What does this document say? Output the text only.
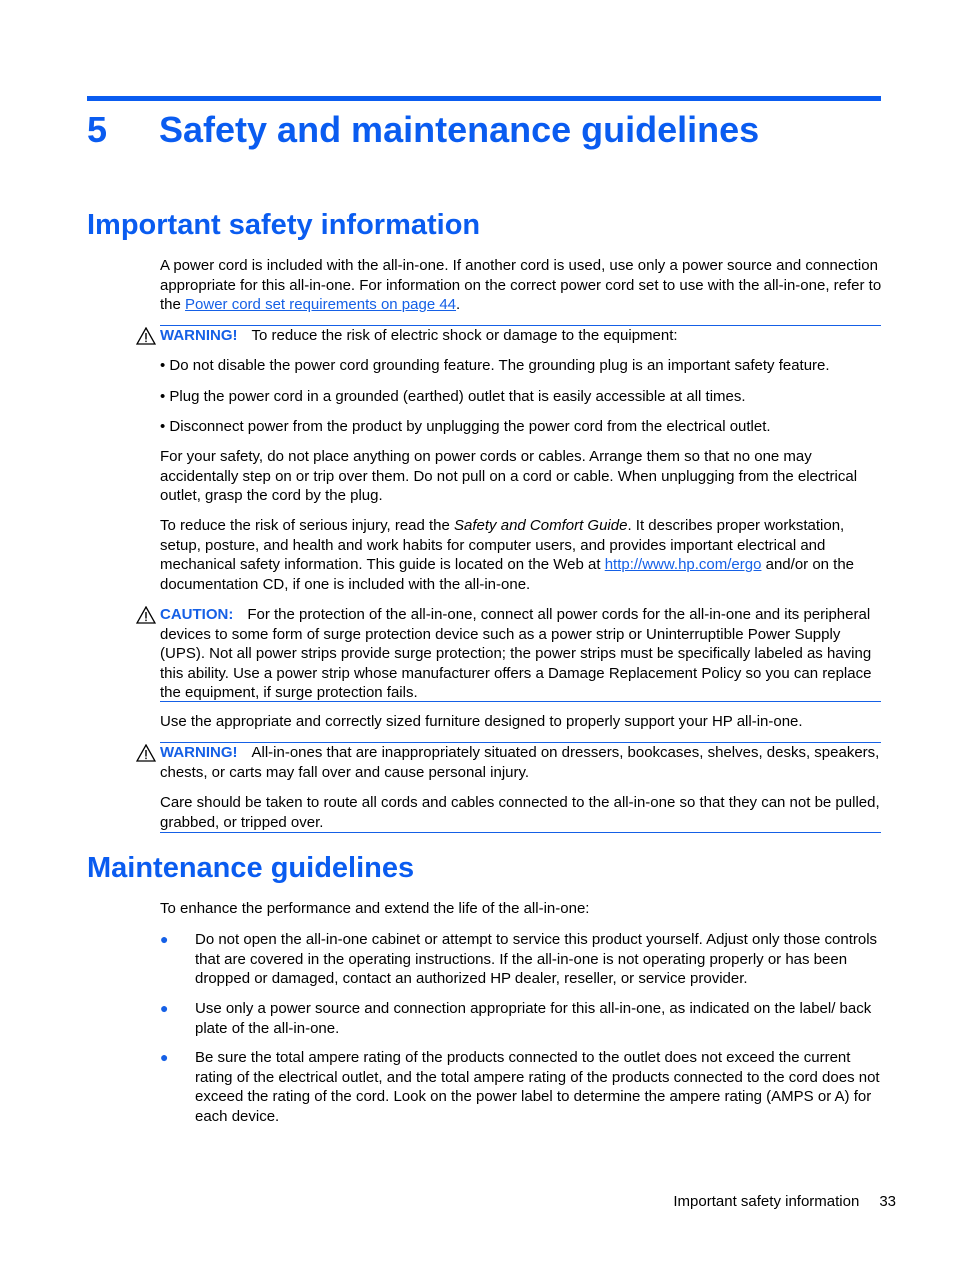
5 Safety and maintenance guidelines
Important safety information

A power cord is included with the all-in-one. If another cord is used, use only a power source and connection appropriate for this all-in-one. For information on the correct power cord set to use with the all-in-one, refer to the Power cord set requirements on page 44.

WARNING! To reduce the risk of electric shock or damage to the equipment:

• Do not disable the power cord grounding feature. The grounding plug is an important safety feature.

• Plug the power cord in a grounded (earthed) outlet that is easily accessible at all times.

• Disconnect power from the product by unplugging the power cord from the electrical outlet.

For your safety, do not place anything on power cords or cables. Arrange them so that no one may accidentally step on or trip over them. Do not pull on a cord or cable. When unplugging from the electrical outlet, grasp the cord by the plug.

To reduce the risk of serious injury, read the Safety and Comfort Guide. It describes proper workstation, setup, posture, and health and work habits for computer users, and provides important electrical and mechanical safety information. This guide is located on the Web at http://www.hp.com/ergo and/or on the documentation CD, if one is included with the all-in-one.

CAUTION: For the protection of the all-in-one, connect all power cords for the all-in-one and its peripheral devices to some form of surge protection device such as a power strip or Uninterruptible Power Supply (UPS). Not all power strips provide surge protection; the power strips must be specifically labeled as having this ability. Use a power strip whose manufacturer offers a Damage Replacement Policy so you can replace the equipment, if surge protection fails.

Use the appropriate and correctly sized furniture designed to properly support your HP all-in-one.

WARNING! All-in-ones that are inappropriately situated on dressers, bookcases, shelves, desks, speakers, chests, or carts may fall over and cause personal injury.

Care should be taken to route all cords and cables connected to the all-in-one so that they can not be pulled, grabbed, or tripped over.

Maintenance guidelines

To enhance the performance and extend the life of the all-in-one:

● Do not open the all-in-one cabinet or attempt to service this product yourself. Adjust only those controls that are covered in the operating instructions. If the all-in-one is not operating properly or has been dropped or damaged, contact an authorized HP dealer, reseller, or service provider.

● Use only a power source and connection appropriate for this all-in-one, as indicated on the label/ back plate of the all-in-one.

● Be sure the total ampere rating of the products connected to the outlet does not exceed the current rating of the electrical outlet, and the total ampere rating of the products connected to the cord does not exceed the rating of the cord. Look on the power label to determine the ampere rating (AMPS or A) for each device.

Important safety information 33
